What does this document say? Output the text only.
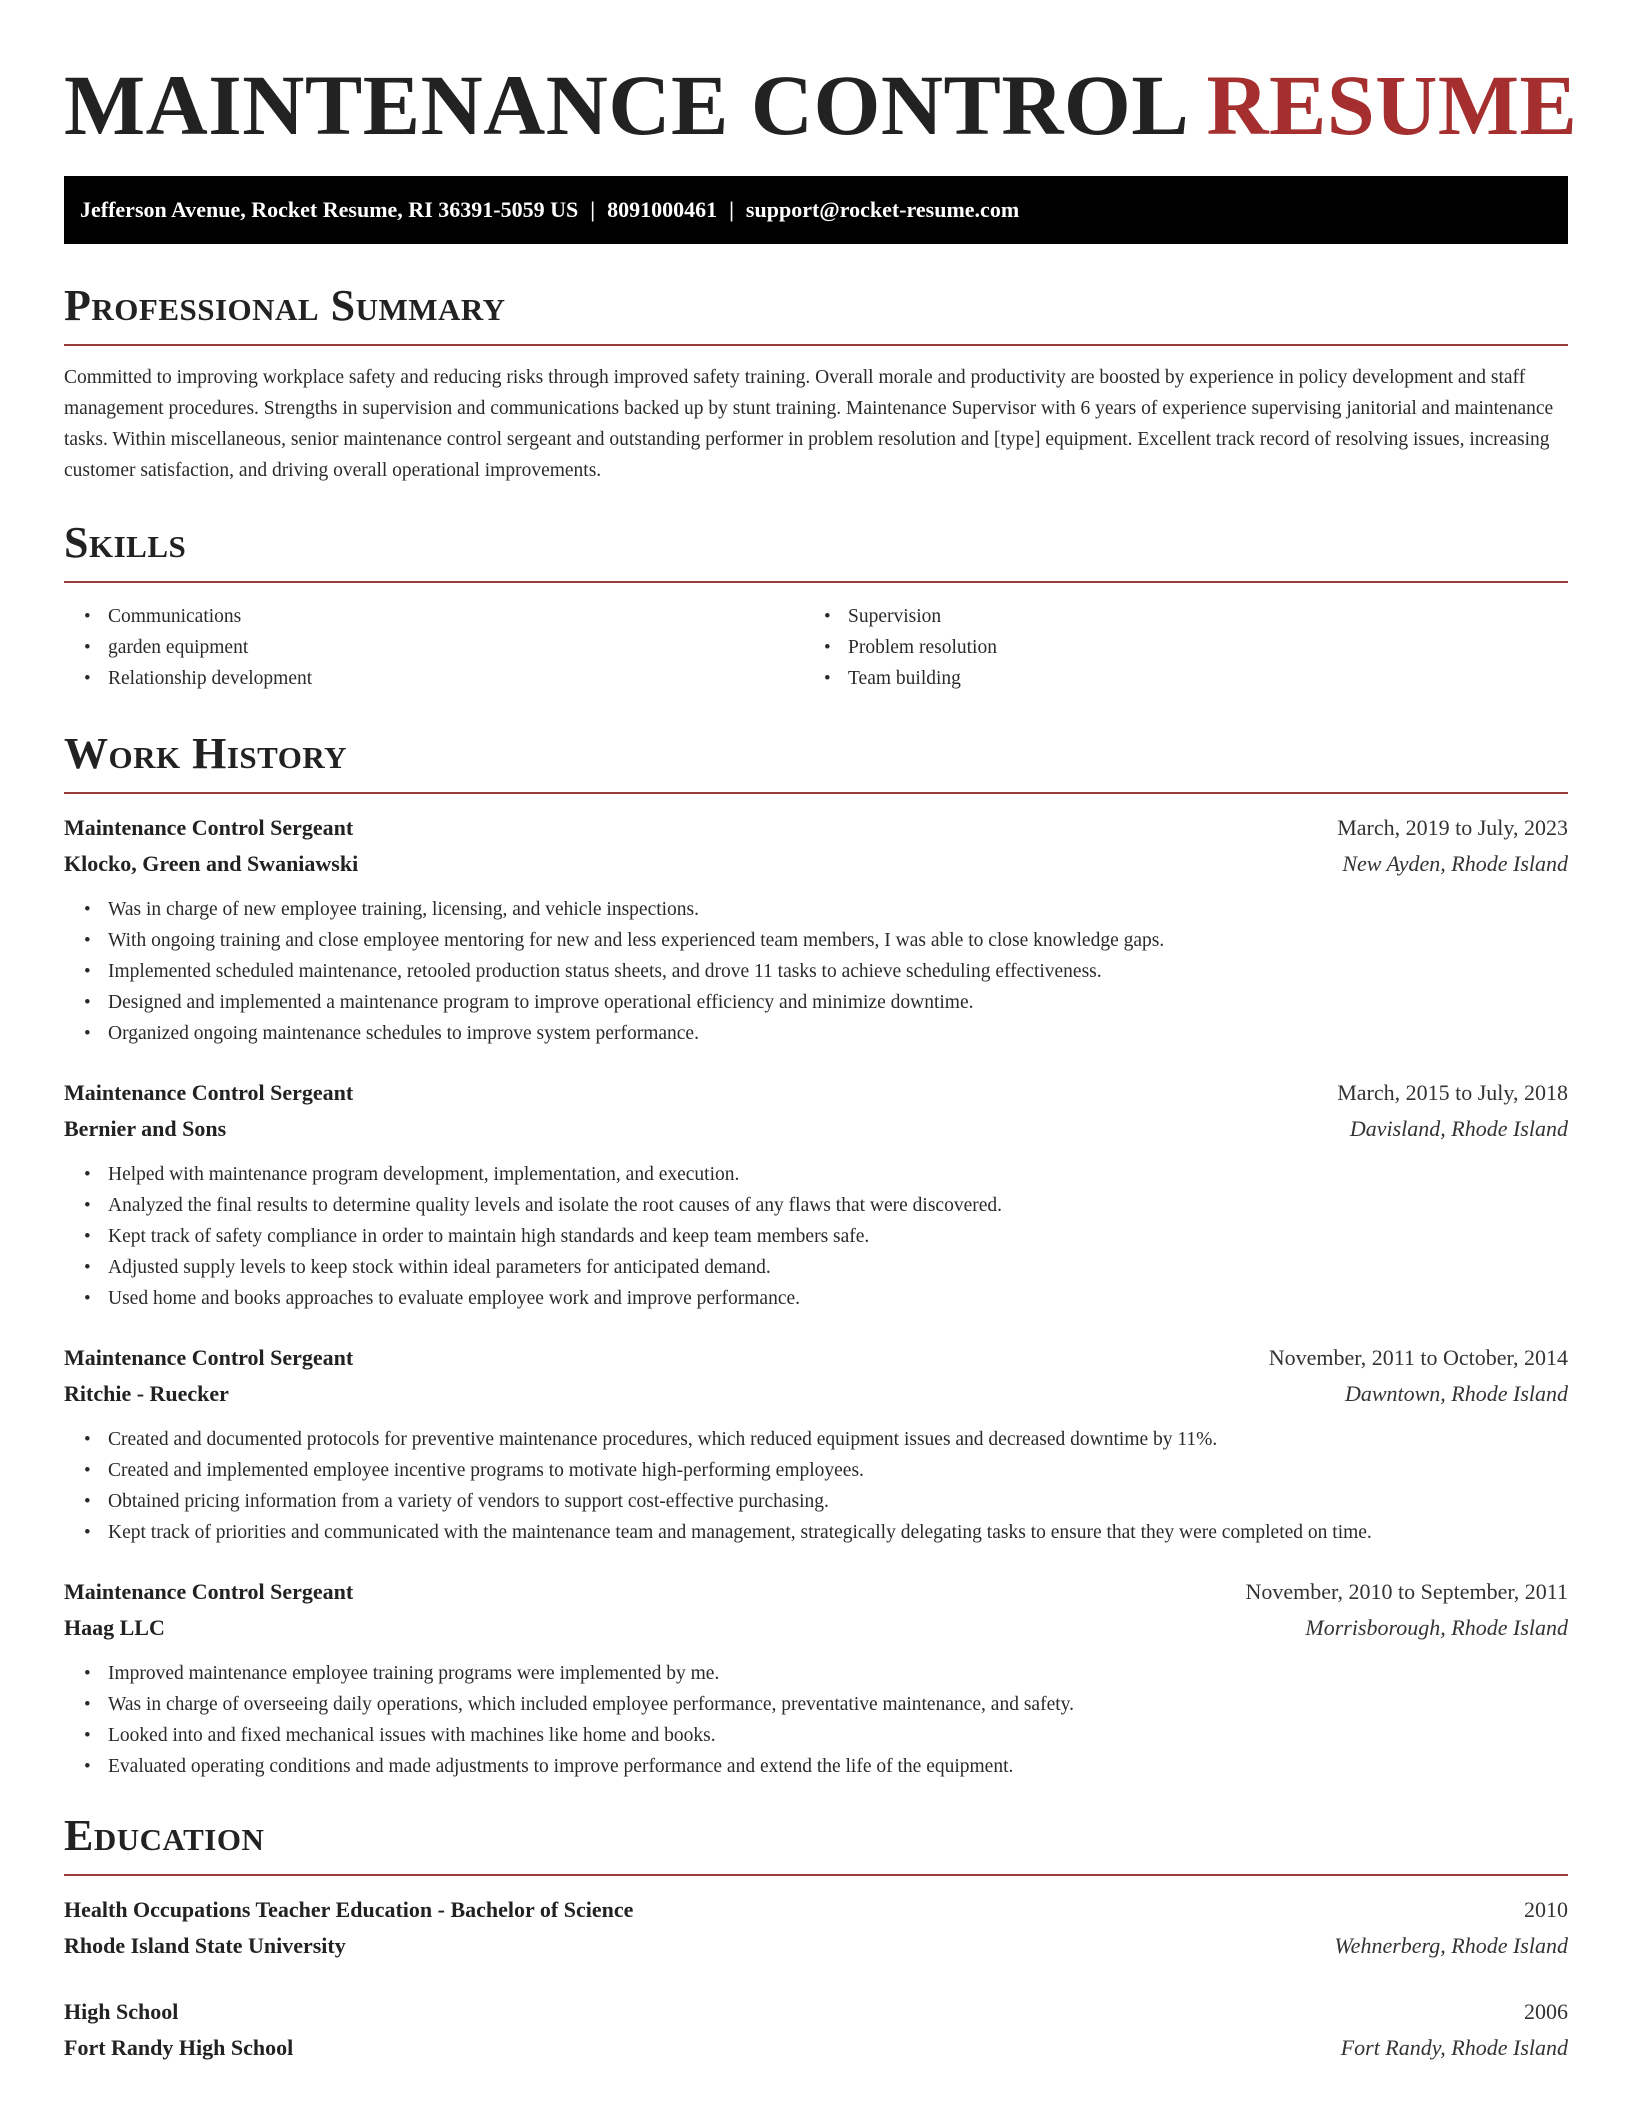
MAINTENANCE CONTROL RESUME
Jefferson Avenue, Rocket Resume, RI 36391-5059 US | 8091000461 | support@rocket-resume.com
Professional Summary

Committed to improving workplace safety and reducing risks through improved safety training. Overall morale and productivity are boosted by experience in policy development and staff management procedures. Strengths in supervision and communications backed up by stunt training. Maintenance Supervisor with 6 years of experience supervising janitorial and maintenance tasks. Within miscellaneous, senior maintenance control sergeant and outstanding performer in problem resolution and [type] equipment. Excellent track record of resolving issues, increasing customer satisfaction, and driving overall operational improvements.

Skills
• Communications
• garden equipment
• Relationship development
• Supervision
• Problem resolution
• Team building
Work History
Maintenance Control Sergeant	March, 2019 to July, 2023
Klocko, Green and Swaniawski	New Ayden, Rhode Island
• Was in charge of new employee training, licensing, and vehicle inspections.
• With ongoing training and close employee mentoring for new and less experienced team members, I was able to close knowledge gaps.
• Implemented scheduled maintenance, retooled production status sheets, and drove 11 tasks to achieve scheduling effectiveness.
• Designed and implemented a maintenance program to improve operational efficiency and minimize downtime.
• Organized ongoing maintenance schedules to improve system performance.
Maintenance Control Sergeant	March, 2015 to July, 2018
Bernier and Sons	Davisland, Rhode Island
• Helped with maintenance program development, implementation, and execution.
• Analyzed the final results to determine quality levels and isolate the root causes of any flaws that were discovered.
• Kept track of safety compliance in order to maintain high standards and keep team members safe.
• Adjusted supply levels to keep stock within ideal parameters for anticipated demand.
• Used home and books approaches to evaluate employee work and improve performance.
Maintenance Control Sergeant	November, 2011 to October, 2014
Ritchie - Ruecker	Dawntown, Rhode Island
• Created and documented protocols for preventive maintenance procedures, which reduced equipment issues and decreased downtime by 11%.
• Created and implemented employee incentive programs to motivate high-performing employees.
• Obtained pricing information from a variety of vendors to support cost-effective purchasing.
• Kept track of priorities and communicated with the maintenance team and management, strategically delegating tasks to ensure that they were completed on time.
Maintenance Control Sergeant	November, 2010 to September, 2011
Haag LLC	Morrisborough, Rhode Island
• Improved maintenance employee training programs were implemented by me.
• Was in charge of overseeing daily operations, which included employee performance, preventative maintenance, and safety.
• Looked into and fixed mechanical issues with machines like home and books.
• Evaluated operating conditions and made adjustments to improve performance and extend the life of the equipment.
Education
Health Occupations Teacher Education - Bachelor of Science	2010
Rhode Island State University	Wehnerberg, Rhode Island
High School	2006
Fort Randy High School	Fort Randy, Rhode Island
